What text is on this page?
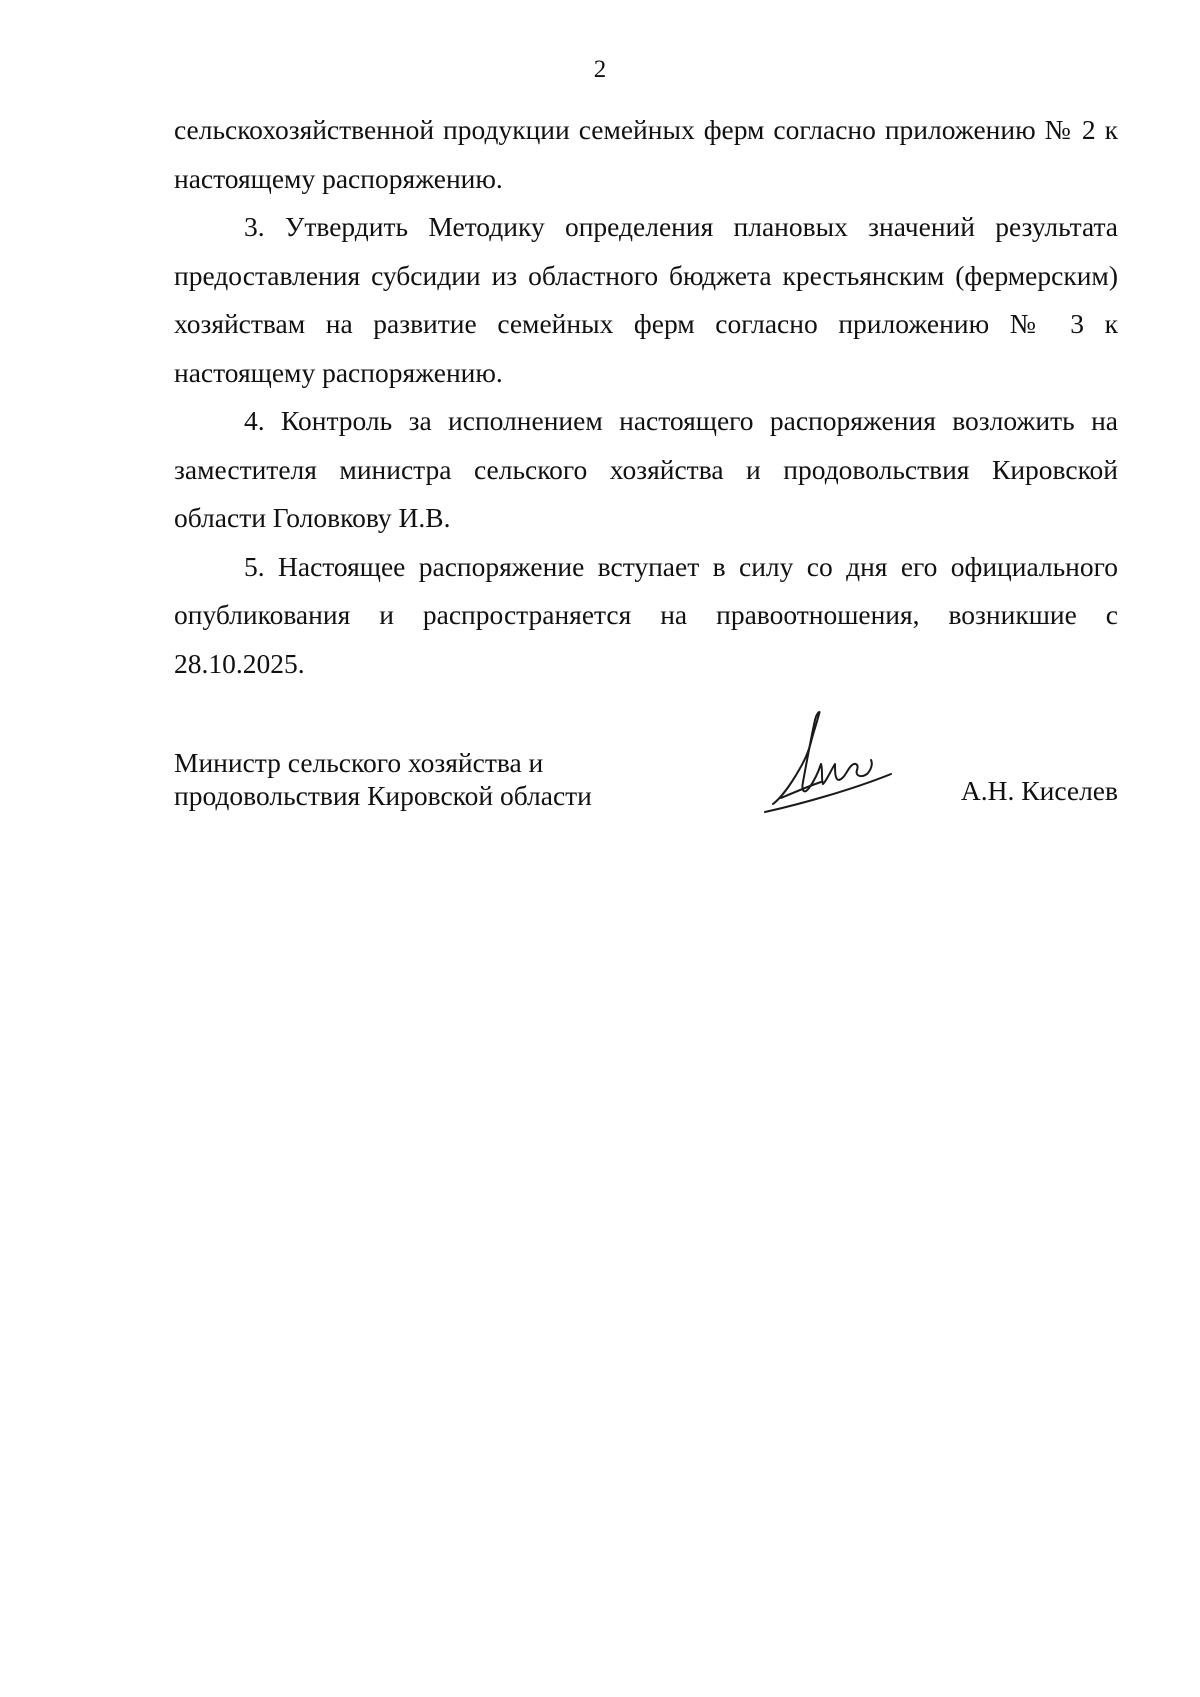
2

сельскохозяйственной продукции семейных ферм согласно приложению № 2 к настоящему распоряжению.

3. Утвердить Методику определения плановых значений результата предоставления субсидии из областного бюджета крестьянским (фермерским) хозяйствам на развитие семейных ферм согласно приложению № 3 к настоящему распоряжению.

4. Контроль за исполнением настоящего распоряжения возложить на заместителя министра сельского хозяйства и продовольствия Кировской области Головкову И.В.

5. Настоящее распоряжение вступает в силу со дня его официального опубликования и распространяется на правоотношения, возникшие с 28.10.2025.

Министр сельского хозяйства и
продовольствия Кировской области	А.Н. Киселев
